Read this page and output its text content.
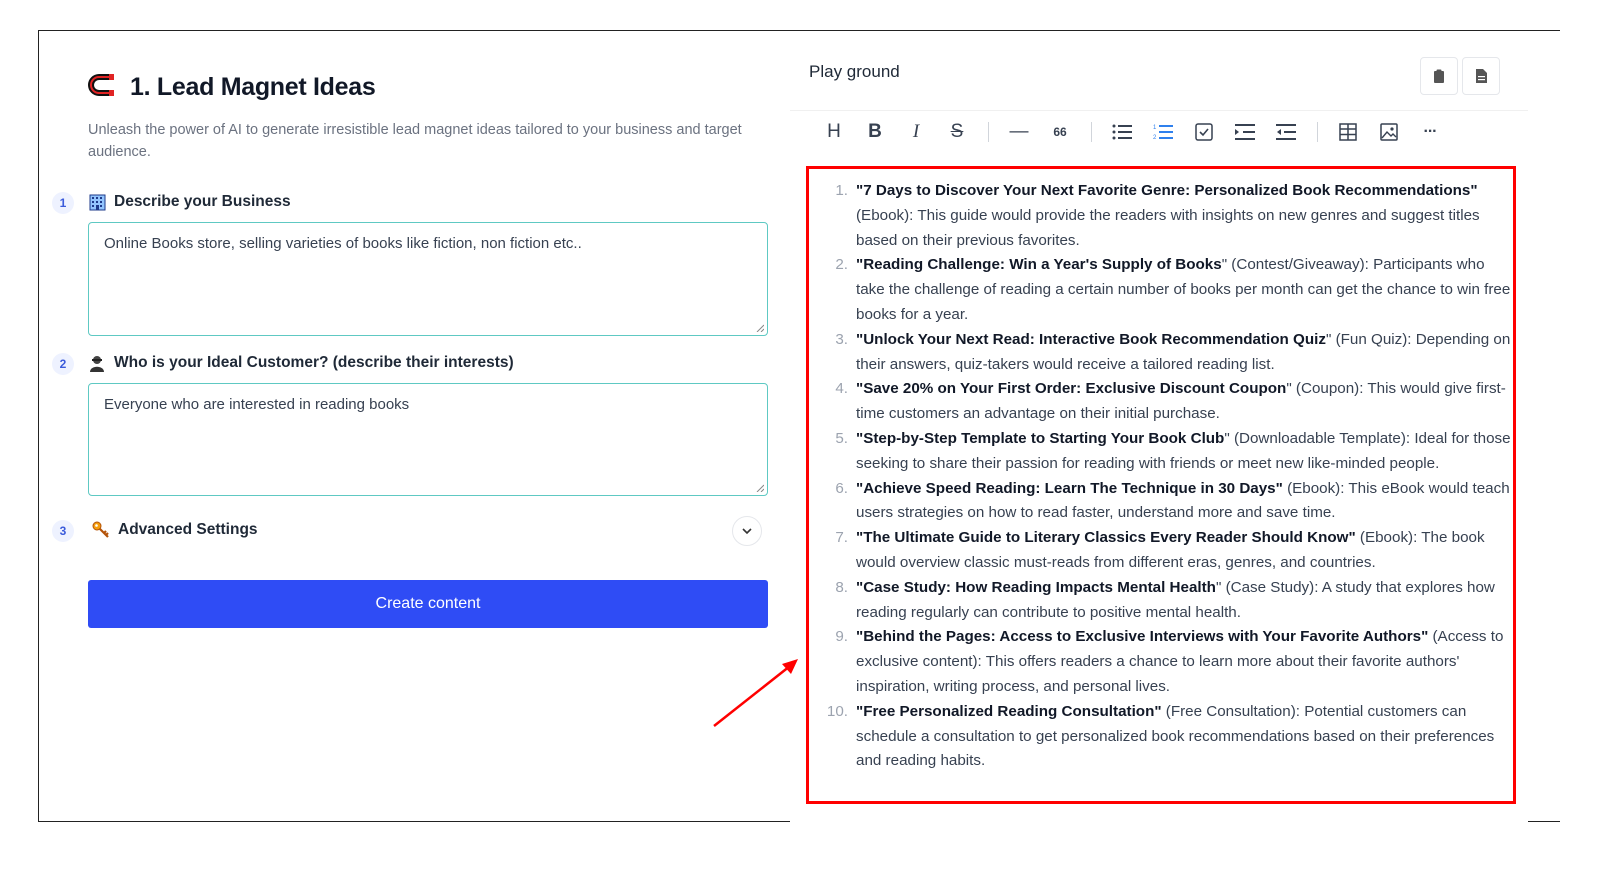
1. Lead Magnet Ideas
Unleash the power of AI to generate irresistible lead magnet ideas tailored to your business and target audience.
1	Describe your Business
Online Books store, selling varieties of books like fiction, non fiction etc..
2	Who is your Ideal Customer? (describe their interests)
Everyone who are interested in reading books
3	Advanced Settings
Create content
Play ground
H B I S — 66	1
2	···
1. "7 Days to Discover Your Next Favorite Genre: Personalized Book Recommendations" (Ebook): This guide would provide the readers with insights on new genres and suggest titles based on their previous favorites.
2. "Reading Challenge: Win a Year's Supply of Books" (Contest/Giveaway): Participants who take the challenge of reading a certain number of books per month can get the chance to win free books for a year.
3. "Unlock Your Next Read: Interactive Book Recommendation Quiz" (Fun Quiz): Depending on their answers, quiz-takers would receive a tailored reading list.
4. "Save 20% on Your First Order: Exclusive Discount Coupon" (Coupon): This would give first-time customers an advantage on their initial purchase.
5. "Step-by-Step Template to Starting Your Book Club" (Downloadable Template): Ideal for those seeking to share their passion for reading with friends or meet new like-minded people.
6. "Achieve Speed Reading: Learn The Technique in 30 Days" (Ebook): This eBook would teach users strategies on how to read faster, understand more and save time.
7. "The Ultimate Guide to Literary Classics Every Reader Should Know" (Ebook): The book would overview classic must-reads from different eras, genres, and countries.
8. "Case Study: How Reading Impacts Mental Health" (Case Study): A study that explores how reading regularly can contribute to positive mental health.
9. "Behind the Pages: Access to Exclusive Interviews with Your Favorite Authors" (Access to exclusive content): This offers readers a chance to learn more about their favorite authors' inspiration, writing process, and personal lives.
10. "Free Personalized Reading Consultation" (Free Consultation): Potential customers can schedule a consultation to get personalized book recommendations based on their preferences and reading habits.
